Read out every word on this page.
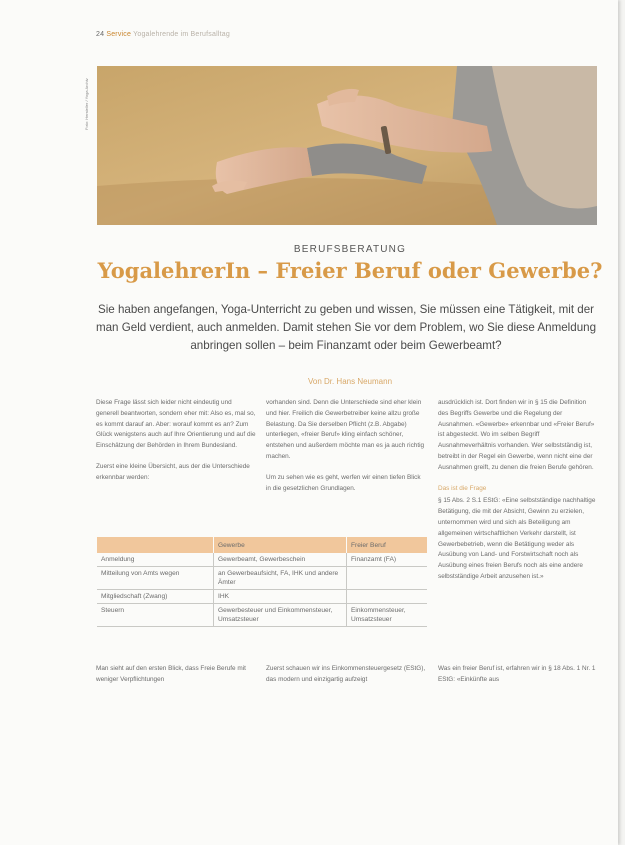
24 Service Yogalehrende im Berufsalltag
Foto: Hersteller / Yoga Archiv
BERUFSBERATUNG
YogalehrerIn – Freier Beruf oder Gewerbe?
Sie haben angefangen, Yoga-Unterricht zu geben und wissen, Sie müssen eine Tätigkeit, mit der man Geld verdient, auch anmelden. Damit stehen Sie vor dem Problem, wo Sie diese Anmeldung anbringen sollen – beim Finanzamt oder beim Gewerbeamt?
Von Dr. Hans Neumann

Diese Frage lässt sich leider nicht eindeutig und generell beantworten, sondern eher mit: Also es, mal so, es kommt darauf an. Aber: worauf kommt es an? Zum Glück wenigstens auch auf Ihre Orientierung und auf die Einschätzung der Behörden in Ihrem Bundesland.

Zuerst eine kleine Übersicht, aus der die Unterschiede erkennbar werden:

vorhanden sind. Denn die Unterschiede sind eher klein und hier. Freilich die Gewerbetreiber keine allzu große Belastung. Da Sie derselben Pflicht (z.B. Abgabe) unterliegen, «freier Beruf» kling einfach schöner, entstehen und außerdem möchte man es ja auch richtig machen.

Um zu sehen wie es geht, werfen wir einen tiefen Blick in die gesetzlichen Grundlagen.

ausdrücklich ist. Dort finden wir in § 15 die Definition des Begriffs Gewerbe und die Regelung der Ausnahmen. «Gewerbe» erkennbar und «Freier Beruf» ist abgesteckt. Wo im selben Begriff Ausnahmeverhältnis vorhanden. Wer selbstständig ist, betreibt in der Regel ein Gewerbe, wenn nicht eine der Ausnahmen greift, zu denen die freien Berufe gehören.

Das ist die Frage

§ 15 Abs. 2 S.1 EStG: «Eine selbstständige nachhaltige Betätigung, die mit der Absicht, Gewinn zu erzielen, unternommen wird und sich als Beteiligung am allgemeinen wirtschaftlichen Verkehr darstellt, ist Gewerbebetrieb, wenn die Betätigung weder als Ausübung von Land- und Forstwirtschaft noch als Ausübung eines freien Berufs noch als eine andere selbstständige Arbeit anzusehen ist.»

	Gewerbe	Freier Beruf
Anmeldung	Gewerbeamt, Gewerbeschein	Finanzamt (FA)
Mitteilung von Amts wegen	an Gewerbeaufsicht, FA, IHK und andere Ämter	
Mitgliedschaft (Zwang)	IHK	
Steuern	Gewerbesteuer und Einkommensteuer, Umsatzsteuer	Einkommensteuer, Umsatzsteuer
Man sieht auf den ersten Blick, dass Freie Berufe mit weniger Verpflichtungen
Zuerst schauen wir ins Einkommensteuergesetz (EStG), das modern und einzigartig aufzeigt
Was ein freier Beruf ist, erfahren wir in § 18 Abs. 1 Nr. 1 EStG: «Einkünfte aus
